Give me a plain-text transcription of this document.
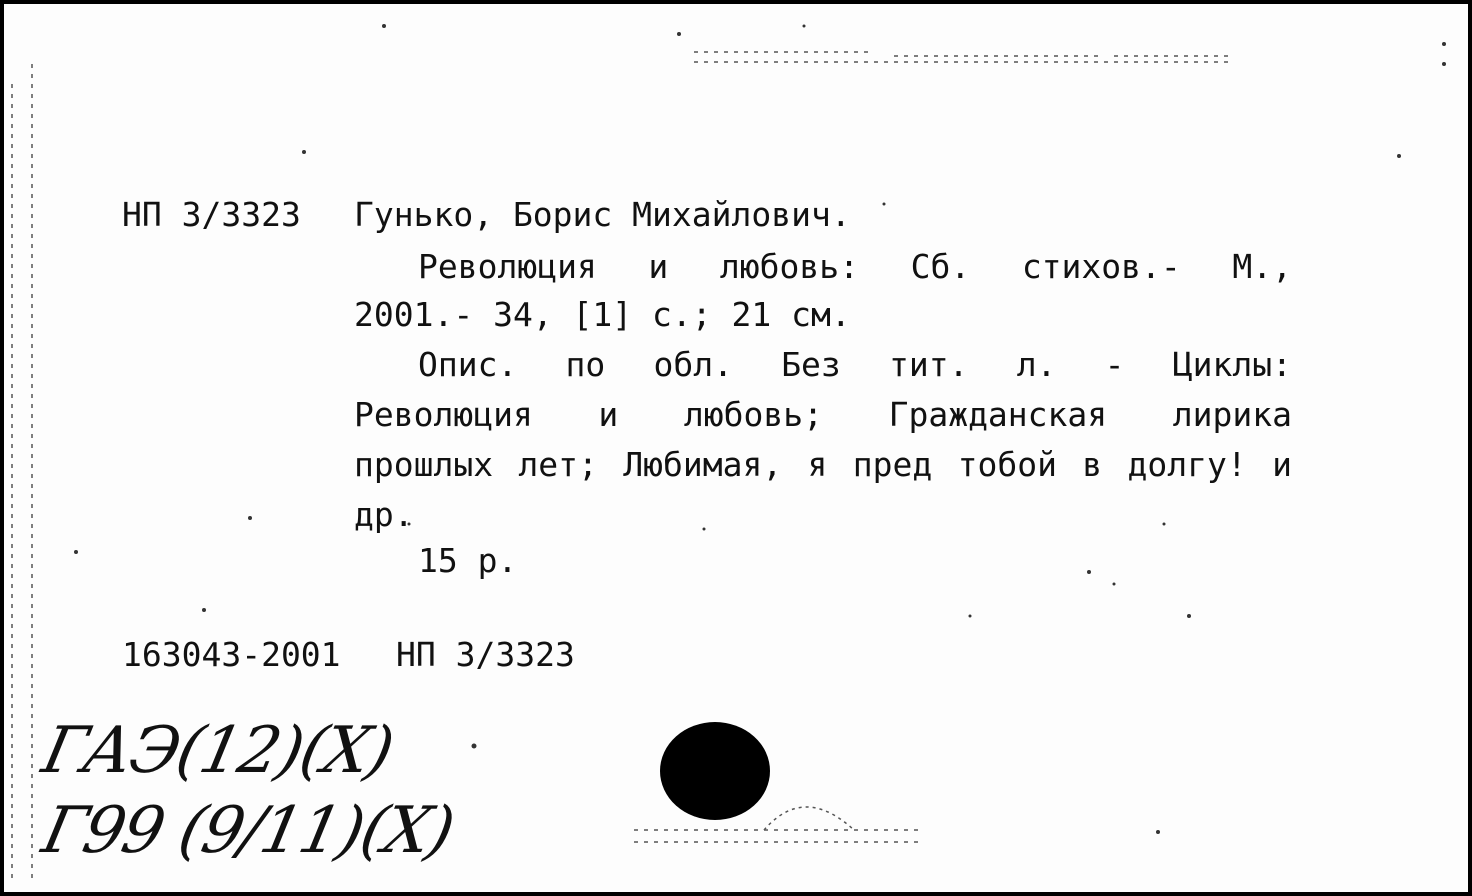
НП 3/3323 Гунько, Борис Михайлович.
Революция и любовь: Сб. стихов.- М.,
2001.- 34, [1] с.; 21 см.
Опис. по обл. Без тит. л. - Циклы:
Революция и любовь; Гражданская лирика
прошлых лет; Любимая, я пред тобой в долгу! и
др.
15 р.
163043-2001 НП 3/3323
ГАЭ(12)(X)
Г99 (9/11)(X)
